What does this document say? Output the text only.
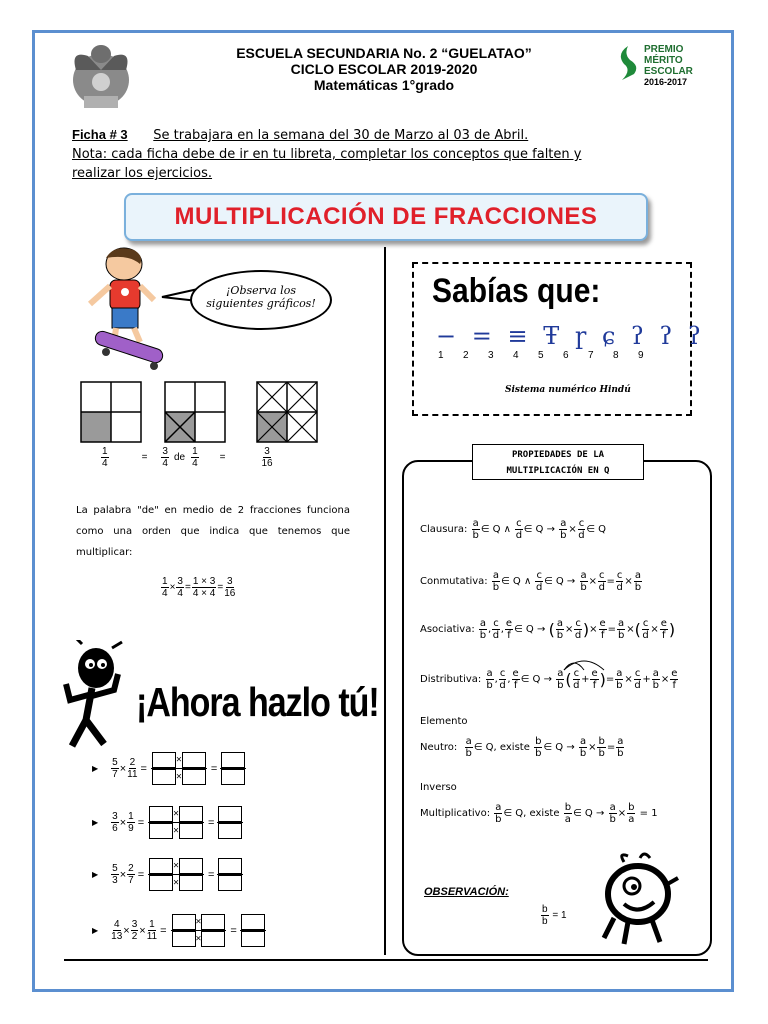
PREMIO
MÉRITO
ESCOLAR
2016-2017
ESCUELA SECUNDARIA No. 2 “GUELATAO”
CICLO ESCOLAR 2019-2020
Matemáticas 1°grado
Ficha # 3 Se trabajara en la semana del 30 de Marzo al 03 de Abril.
Nota: cada ficha debe de ir en tu libreta, completar los conceptos que falten y
realizar los ejercicios.
MULTIPLICACIÓN DE FRACCIONES
¡Observa los
siguientes gráficos!
$\frac{1}{4}$	= $\frac{3}{4}$ de $\frac{1}{4}$ =	$\frac{3}{16}$
La palabra "de" en medio de 2 fracciones funciona como una orden que indica que tenemos que multiplicar:
$\frac{1}{4} \times \frac{3}{4} = \frac{1 \times 3}{4 \times 4} = \frac{3}{16}$
¡Ahora hazlo tú!
▶ $\frac{5}{7} \times \frac{2}{11} = \frac{\times}{\times}$ =
▶ $\frac{3}{6} \times \frac{1}{9} = \frac{\times}{\times}$ =
▶ $\frac{5}{3} \times \frac{2}{7} = \frac{\times}{\times}$ =
▶ $\frac{4}{13} \times \frac{3}{2} \times \frac{1}{11} = \frac{\times}{\times}$ =
Sabías que:
− = ≡ Ŧ ɼ ɕ ʔ ʔ ʔ
1	2	3	4	5	6	7	8	9
Sistema numérico Hindú
PROPIEDADES DE LA
MULTIPLICACIÓN EN Q
Clausura:
$\frac{a}{b}$ ∈ Q ∧ $\frac{c}{d}$ ∈ Q
→
$\frac{a}{b} \times \frac{c}{d}$ ∈ Q
Conmutativa:
$\frac{a}{b}$ ∈ Q ∧ $\frac{c}{d}$ ∈ Q
→
$\frac{a}{b} \times \frac{c}{d} = \frac{c}{d} \times \frac{a}{b}$
Asociativa:
$\frac{a}{b}$ , $\frac{c}{d}$ , $\frac{e}{f}$ ∈ Q
→
( $\frac{a}{b} \times \frac{c}{d}$ ) × $\frac{e}{f} = \frac{a}{b}$ × ( $\frac{c}{d} \times \frac{e}{f}$ )
Distributiva:
$\frac{a}{b}$ , $\frac{c}{d}$ , $\frac{e}{f}$ ∈ Q
→
$\frac{a}{b}$ ( $\frac{c}{d} + \frac{e}{f}$ ) = $\frac{a}{b} \times \frac{c}{d} + \frac{a}{b} \times \frac{e}{f}$
Elemento
Neutro:
$\frac{a}{b}$ ∈ Q , existe
$\frac{b}{b}$ ∈ Q
→
$\frac{a}{b} \times \frac{b}{b} = \frac{a}{b}$
Inverso
Multiplicativo:
$\frac{a}{b}$ ∈ Q , existe
$\frac{b}{a}$ ∈ Q
→
$\frac{a}{b} \times \frac{b}{a}$
= 1
OBSERVACIÓN:
$\frac{b}{b}$
= 1
